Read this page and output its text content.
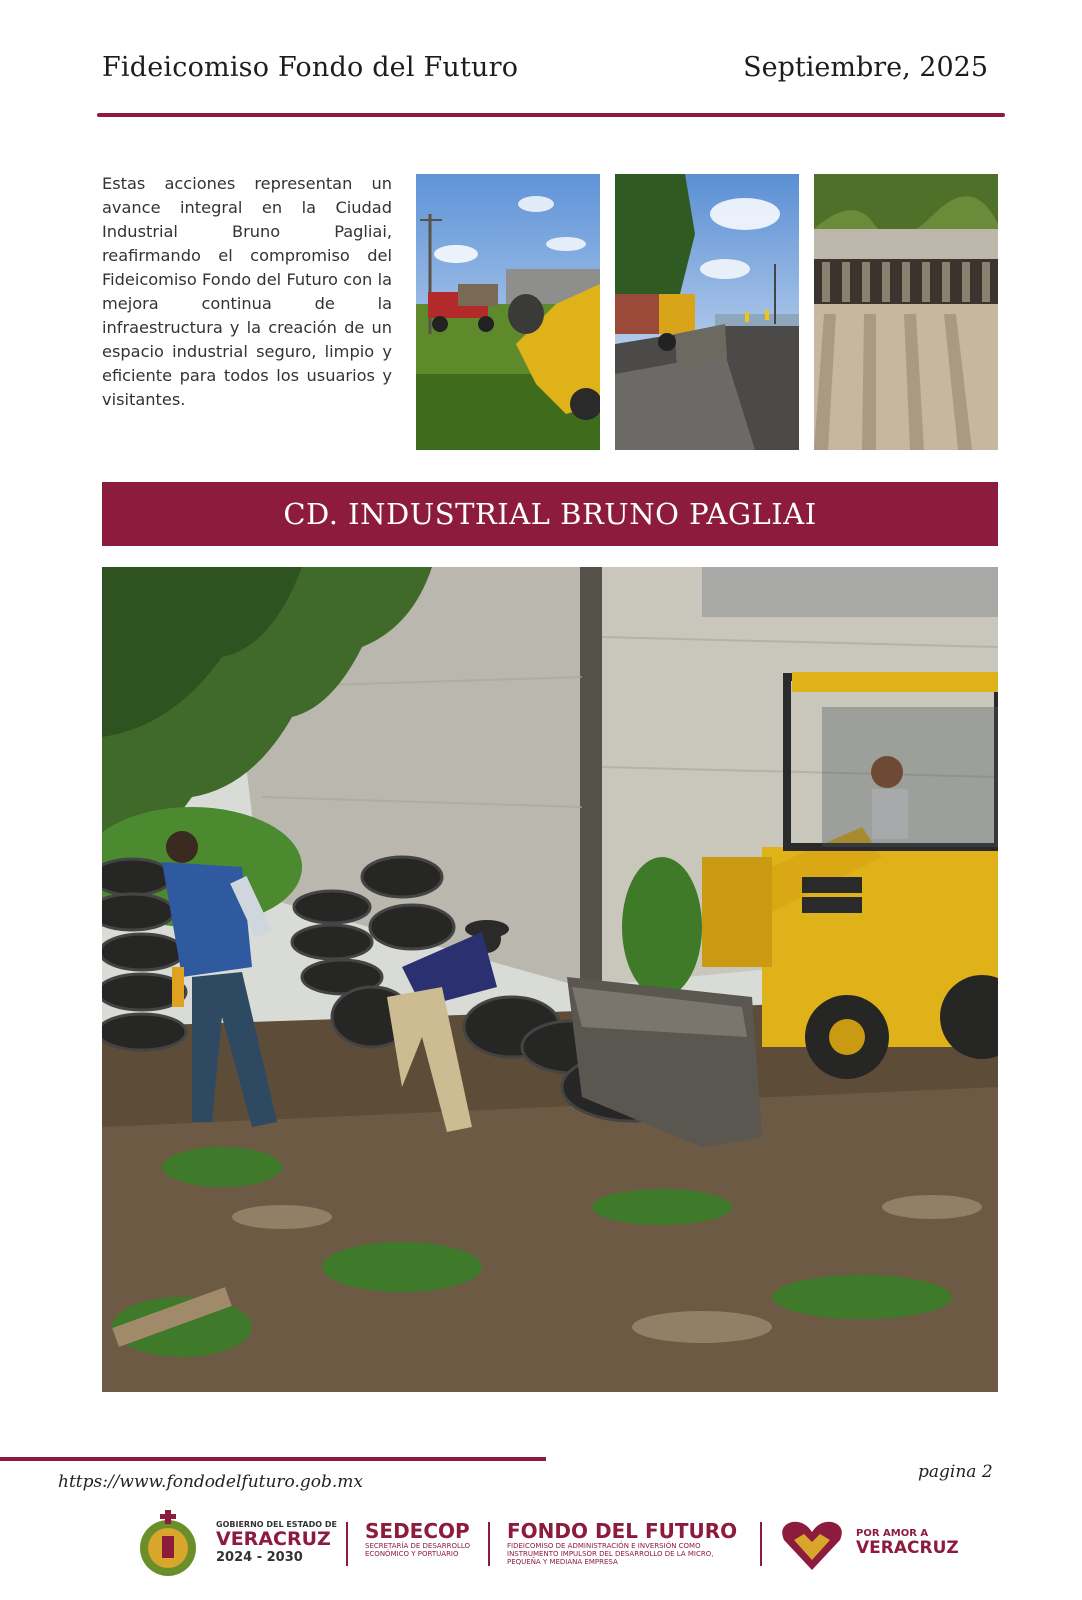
Fideicomiso Fondo del Futuro	Septiembre, 2025

Estas acciones representan un avance integral en la Ciudad Industrial Bruno Pagliai, reafirmando el compromiso del Fideicomiso Fondo del Futuro con la mejora continua de la infraestructura y la creación de un espacio industrial seguro, limpio y eficiente para todos los usuarios y visitantes.

CD. INDUSTRIAL BRUNO PAGLIAI
https://www.fondodelfuturo.gob.mx	pagina 2
GOBIERNO DEL ESTADO DE
VERACRUZ
2024 - 2030
SEDECOP
SECRETARÍA DE DESARROLLO ECONÓMICO Y PORTUARIO
FONDO DEL FUTURO
FIDEICOMISO DE ADMINISTRACIÓN E INVERSIÓN COMO INSTRUMENTO IMPULSOR DEL DESARROLLO DE LA MICRO, PEQUEÑA Y MEDIANA EMPRESA
POR AMOR A
VERACRUZ
